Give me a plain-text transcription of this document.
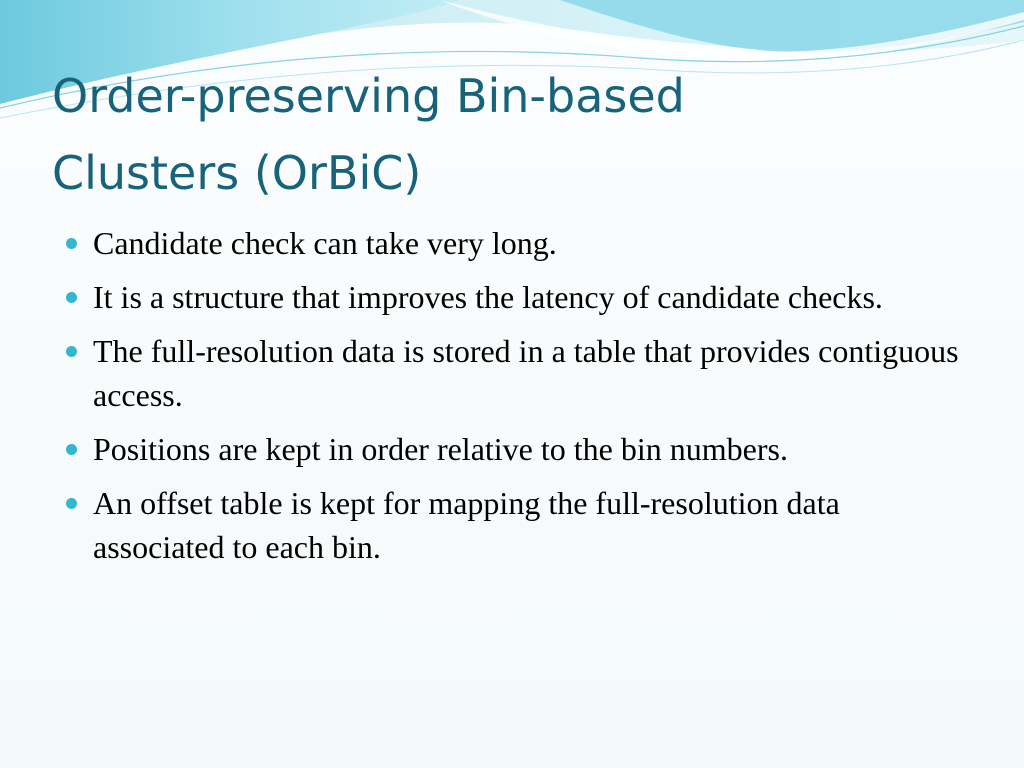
Order-preserving Bin-based
Clusters (OrBiC)
Candidate check can take very long.
It is a structure that improves the latency of candidate checks.
The full-resolution data is stored in a table that provides contiguous access.
Positions are kept in order relative to the bin numbers.
An offset table is kept for mapping the full-resolution data associated to each bin.
